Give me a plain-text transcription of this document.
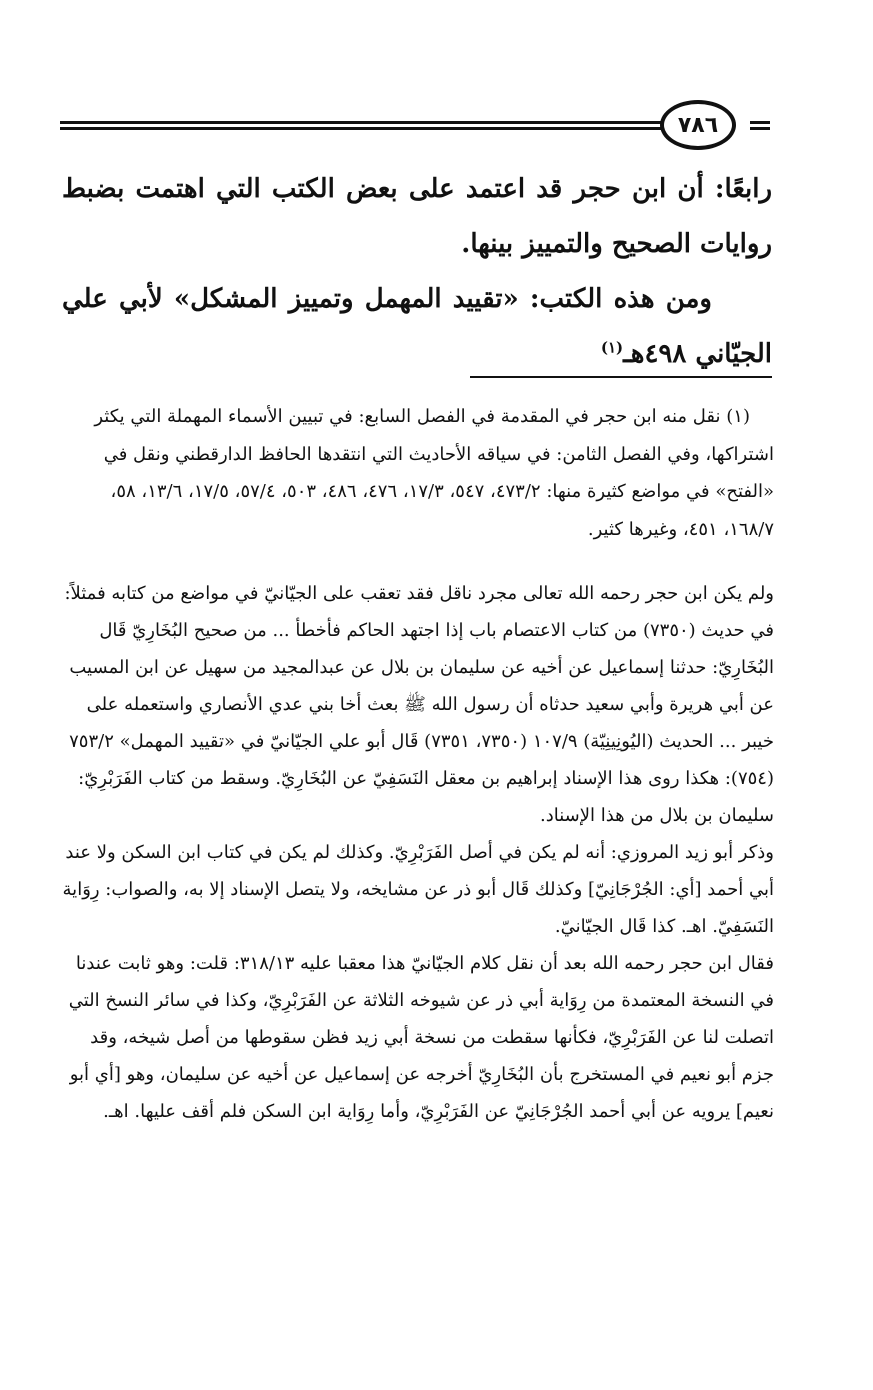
٧٨٦

رابعًا: أن ابن حجر قد اعتمد على بعض الكتب التي اهتمت بضبط روايات الصحيح والتمييز بينها.

ومن هذه الكتب: «تقييد المهمل وتمييز المشكل» لأبي علي الجيّاني ٤٩٨هـ$^{(١)}$

(١) نقل منه ابن حجر في المقدمة في الفصل السابع: في تبيين الأسماء المهملة التي يكثر اشتراكها، وفي الفصل الثامن: في سياقه الأحاديث التي انتقدها الحافظ الدارقطني ونقل في «الفتح» في مواضع كثيرة منها: ٤٧٣/٢، ٥٤٧، ١٧/٣، ٤٧٦، ٤٨٦، ٥٠٣، ٥٧/٤، ١٧/٥، ١٣/٦، ٥٨، ١٦٨/٧، ٤٥١، وغيرها كثير.

ولم يكن ابن حجر رحمه الله تعالى مجرد ناقل فقد تعقب على الجيّانيّ في مواضع من كتابه فمثلاً: في حديث (٧٣٥٠) من كتاب الاعتصام باب إذا اجتهد الحاكم فأخطأ ... من صحيح البُخَارِيّ قَال البُخَارِيّ: حدثنا إسماعيل عن أخيه عن سليمان بن بلال عن عبدالمجيد من سهيل عن ابن المسيب عن أبي هريرة وأبي سعيد حدثاه أن رسول الله ﷺ بعث أخا بني عدي الأنصاري واستعمله على خيبر ... الحديث (اليُونِينِيّة) ١٠٧/٩ (٧٣٥٠، ٧٣٥١) قَال أبو علي الجيّانيّ في «تقييد المهمل» ٧٥٣/٢ (٧٥٤): هكذا روى هذا الإسناد إبراهيم بن معقل النَسَفِيّ عن البُخَارِيّ. وسقط من كتاب الفَرَبْرِيّ: سليمان بن بلال من هذا الإسناد.

وذكر أبو زيد المروزي: أنه لم يكن في أصل الفَرَبْرِيّ. وكذلك لم يكن في كتاب ابن السكن ولا عند أبي أحمد [أي: الجُرْجَانِيّ] وكذلك قَال أبو ذر عن مشايخه، ولا يتصل الإسناد إلا به، والصواب: رِوَاية النَسَفِيّ. اهـ. كذا قَال الجيّانيّ.

فقال ابن حجر رحمه الله بعد أن نقل كلام الجيّانيّ هذا معقبا عليه ٣١٨/١٣: قلت: وهو ثابت عندنا في النسخة المعتمدة من رِوَاية أبي ذر عن شيوخه الثلاثة عن الفَرَبْرِيّ، وكذا في سائر النسخ التي اتصلت لنا عن الفَرَبْرِيّ، فكأنها سقطت من نسخة أبي زيد فظن سقوطها من أصل شيخه، وقد جزم أبو نعيم في المستخرج بأن البُخَارِيّ أخرجه عن إسماعيل عن أخيه عن سليمان، وهو [أي أبو نعيم] يرويه عن أبي أحمد الجُرْجَانِيّ عن الفَرَبْرِيّ، وأما رِوَاية ابن السكن فلم أقف عليها. اهـ.
